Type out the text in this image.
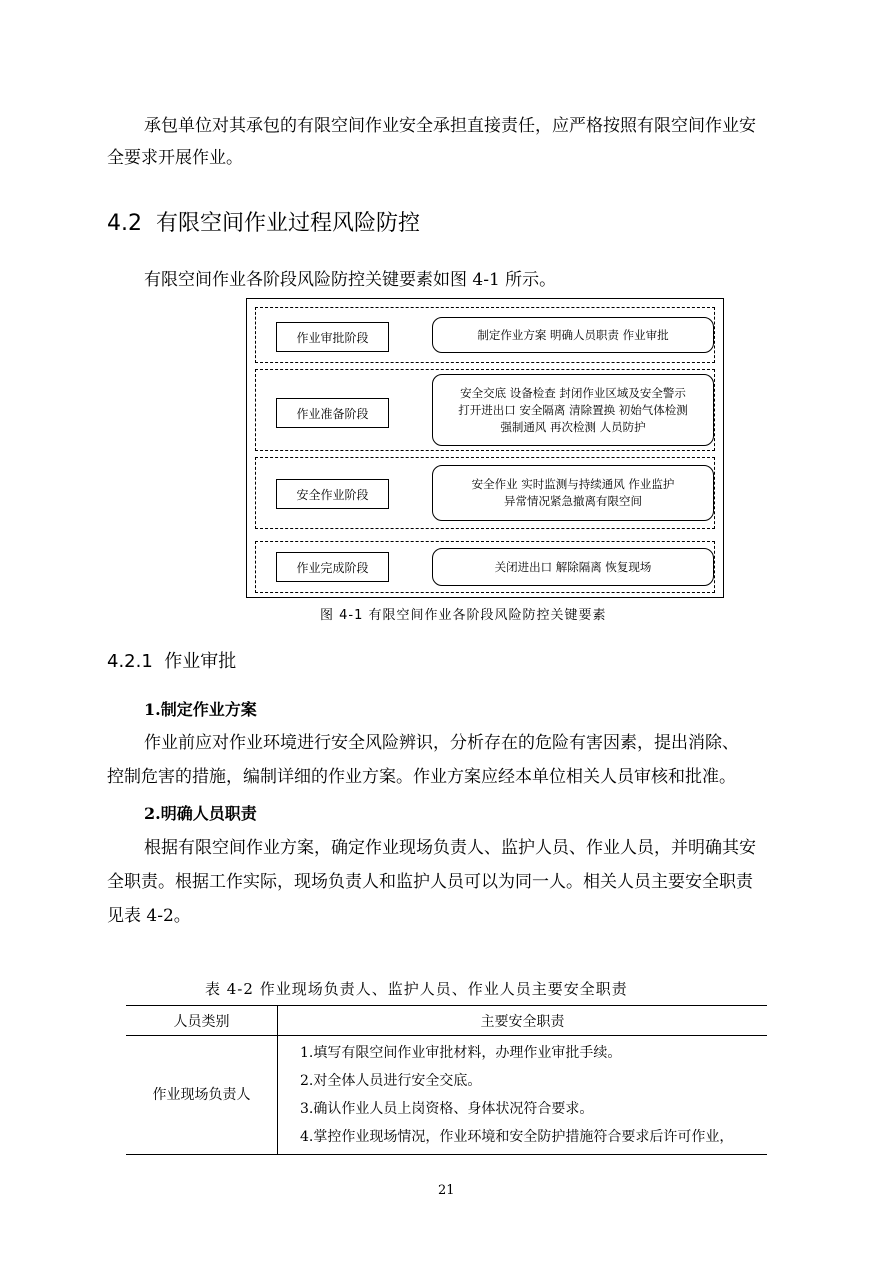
承包单位对其承包的有限空间作业安全承担直接责任，应严格按照有限空间作业安
全要求开展作业。
4.2 有限空间作业过程风险防控
有限空间作业各阶段风险防控关键要素如图 4-1 所示。
作业审批阶段	制定作业方案 明确人员职责 作业审批
作业准备阶段
安全交底 设备检查 封闭作业区域及安全警示
打开进出口 安全隔离 清除置换 初始气体检测
强制通风 再次检测 人员防护
安全作业阶段
安全作业 实时监测与持续通风 作业监护
异常情况紧急撤离有限空间
作业完成阶段	关闭进出口 解除隔离 恢复现场
图 4-1 有限空间作业各阶段风险防控关键要素
4.2.1 作业审批
1.制定作业方案
作业前应对作业环境进行安全风险辨识，分析存在的危险有害因素，提出消除、
控制危害的措施，编制详细的作业方案。作业方案应经本单位相关人员审核和批准。
2.明确人员职责
根据有限空间作业方案，确定作业现场负责人、监护人员、作业人员，并明确其安
全职责。根据工作实际，现场负责人和监护人员可以为同一人。相关人员主要安全职责
见表 4-2。
表 4-2 作业现场负责人、监护人员、作业人员主要安全职责
人员类别	主要安全职责
作业现场负责人	1.填写有限空间作业审批材料，办理作业审批手续。
2.对全体人员进行安全交底。
3.确认作业人员上岗资格、身体状况符合要求。
4.掌控作业现场情况，作业环境和安全防护措施符合要求后许可作业，
21
